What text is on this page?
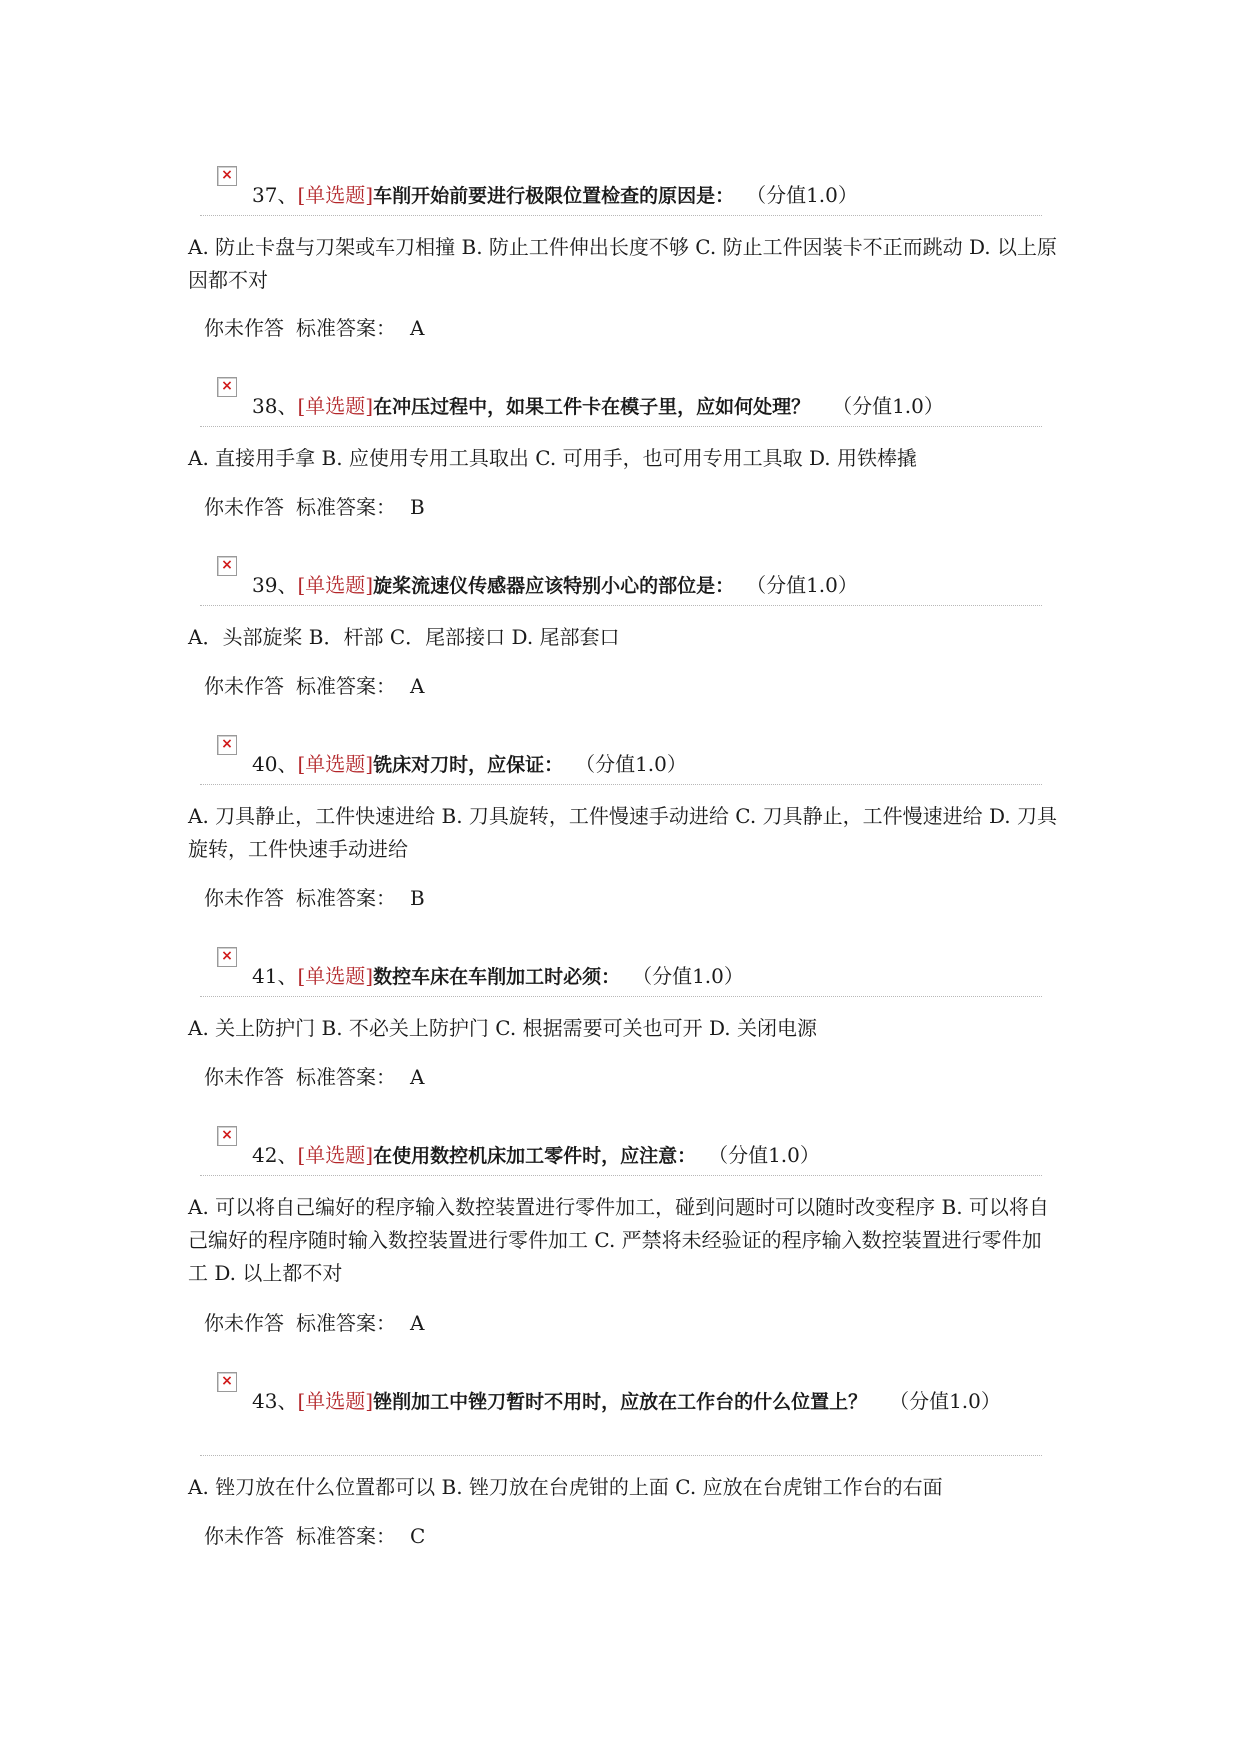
×
37、[单选题]车削开始前要进行极限位置检查的原因是： （分值1.0）
A. 防止卡盘与刀架或车刀相撞 B. 防止工件伸出长度不够 C. 防止工件因装卡不正而跳动 D. 以上原因都不对
你未作答 标准答案： A
×
38、[单选题]在冲压过程中，如果工件卡在模子里，应如何处理？ （分值1.0）
A. 直接用手拿 B. 应使用专用工具取出 C. 可用手，也可用专用工具取 D. 用铁棒撬
你未作答 标准答案： B
×
39、[单选题]旋桨流速仪传感器应该特别小心的部位是： （分值1.0）
A．头部旋桨 B．杆部 C．尾部接口 D. 尾部套口
你未作答 标准答案： A
×
40、[单选题]铣床对刀时，应保证： （分值1.0）
A. 刀具静止，工件快速进给 B. 刀具旋转，工件慢速手动进给 C. 刀具静止，工件慢速进给 D. 刀具旋转，工件快速手动进给
你未作答 标准答案： B
×
41、[单选题]数控车床在车削加工时必须： （分值1.0）
A. 关上防护门 B. 不必关上防护门 C. 根据需要可关也可开 D. 关闭电源
你未作答 标准答案： A
×
42、[单选题]在使用数控机床加工零件时，应注意： （分值1.0）
A. 可以将自己编好的程序输入数控装置进行零件加工，碰到问题时可以随时改变程序 B. 可以将自己编好的程序随时输入数控装置进行零件加工 C. 严禁将未经验证的程序输入数控装置进行零件加工 D. 以上都不对
你未作答 标准答案： A
×
43、[单选题]锉削加工中锉刀暂时不用时，应放在工作台的什么位置上？ （分值1.0）
A. 锉刀放在什么位置都可以 B. 锉刀放在台虎钳的上面 C. 应放在台虎钳工作台的右面
你未作答 标准答案： C
